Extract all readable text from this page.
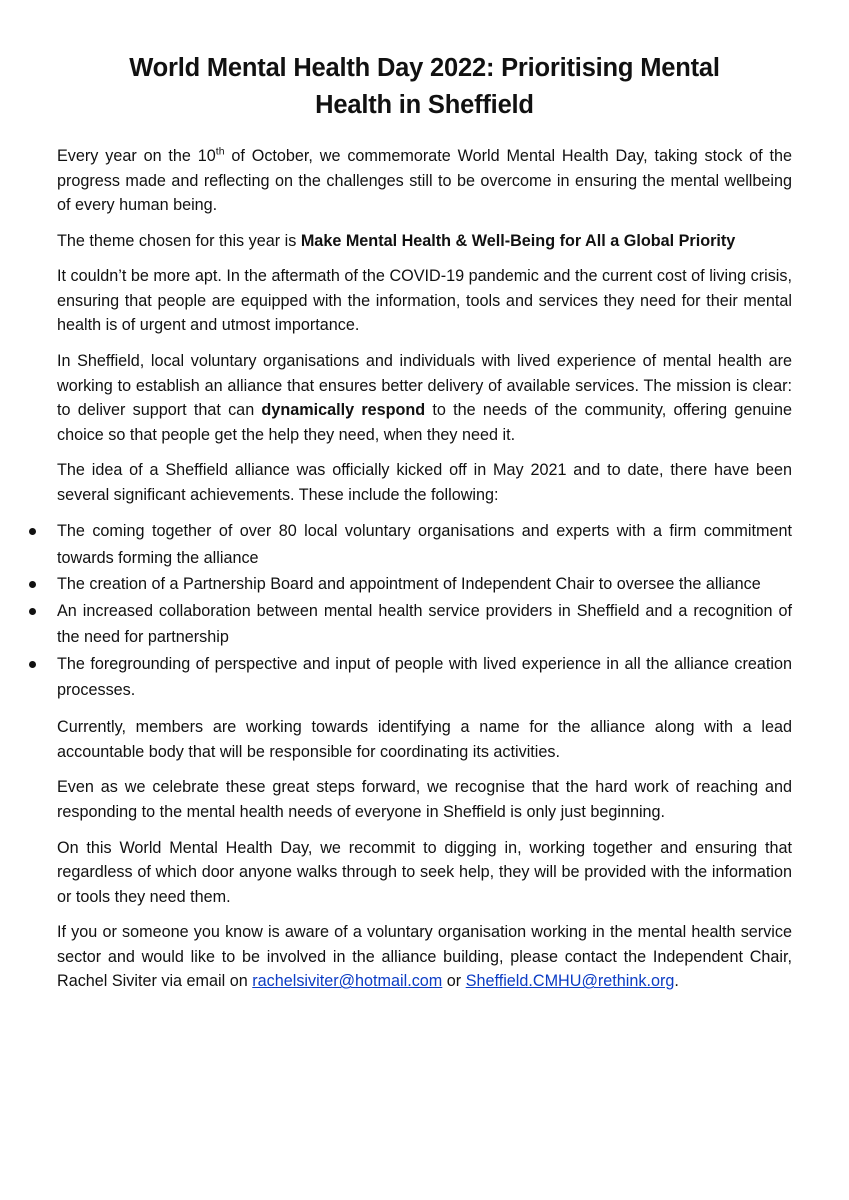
World Mental Health Day 2022: Prioritising Mental
Health in Sheffield

Every year on the 10th of October, we commemorate World Mental Health Day, taking stock of the progress made and reflecting on the challenges still to be overcome in ensuring the mental wellbeing of every human being.

The theme chosen for this year is Make Mental Health & Well-Being for All a Global Priority

It couldn’t be more apt. In the aftermath of the COVID-19 pandemic and the current cost of living crisis, ensuring that people are equipped with the information, tools and services they need for their mental health is of urgent and utmost importance.

In Sheffield, local voluntary organisations and individuals with lived experience of mental health are working to establish an alliance that ensures better delivery of available services. The mission is clear: to deliver support that can dynamically respond to the needs of the community, offering genuine choice so that people get the help they need, when they need it.

The idea of a Sheffield alliance was officially kicked off in May 2021 and to date, there have been several significant achievements. These include the following:

The coming together of over 80 local voluntary organisations and experts with a firm commitment towards forming the alliance
The creation of a Partnership Board and appointment of Independent Chair to oversee the alliance
An increased collaboration between mental health service providers in Sheffield and a recognition of the need for partnership
The foregrounding of perspective and input of people with lived experience in all the alliance creation processes.

Currently, members are working towards identifying a name for the alliance along with a lead accountable body that will be responsible for coordinating its activities.

Even as we celebrate these great steps forward, we recognise that the hard work of reaching and responding to the mental health needs of everyone in Sheffield is only just beginning.

On this World Mental Health Day, we recommit to digging in, working together and ensuring that regardless of which door anyone walks through to seek help, they will be provided with the information or tools they need them.

If you or someone you know is aware of a voluntary organisation working in the mental health service sector and would like to be involved in the alliance building, please contact the Independent Chair, Rachel Siviter via email on rachelsiviter@hotmail.com or Sheffield.CMHU@rethink.org.
